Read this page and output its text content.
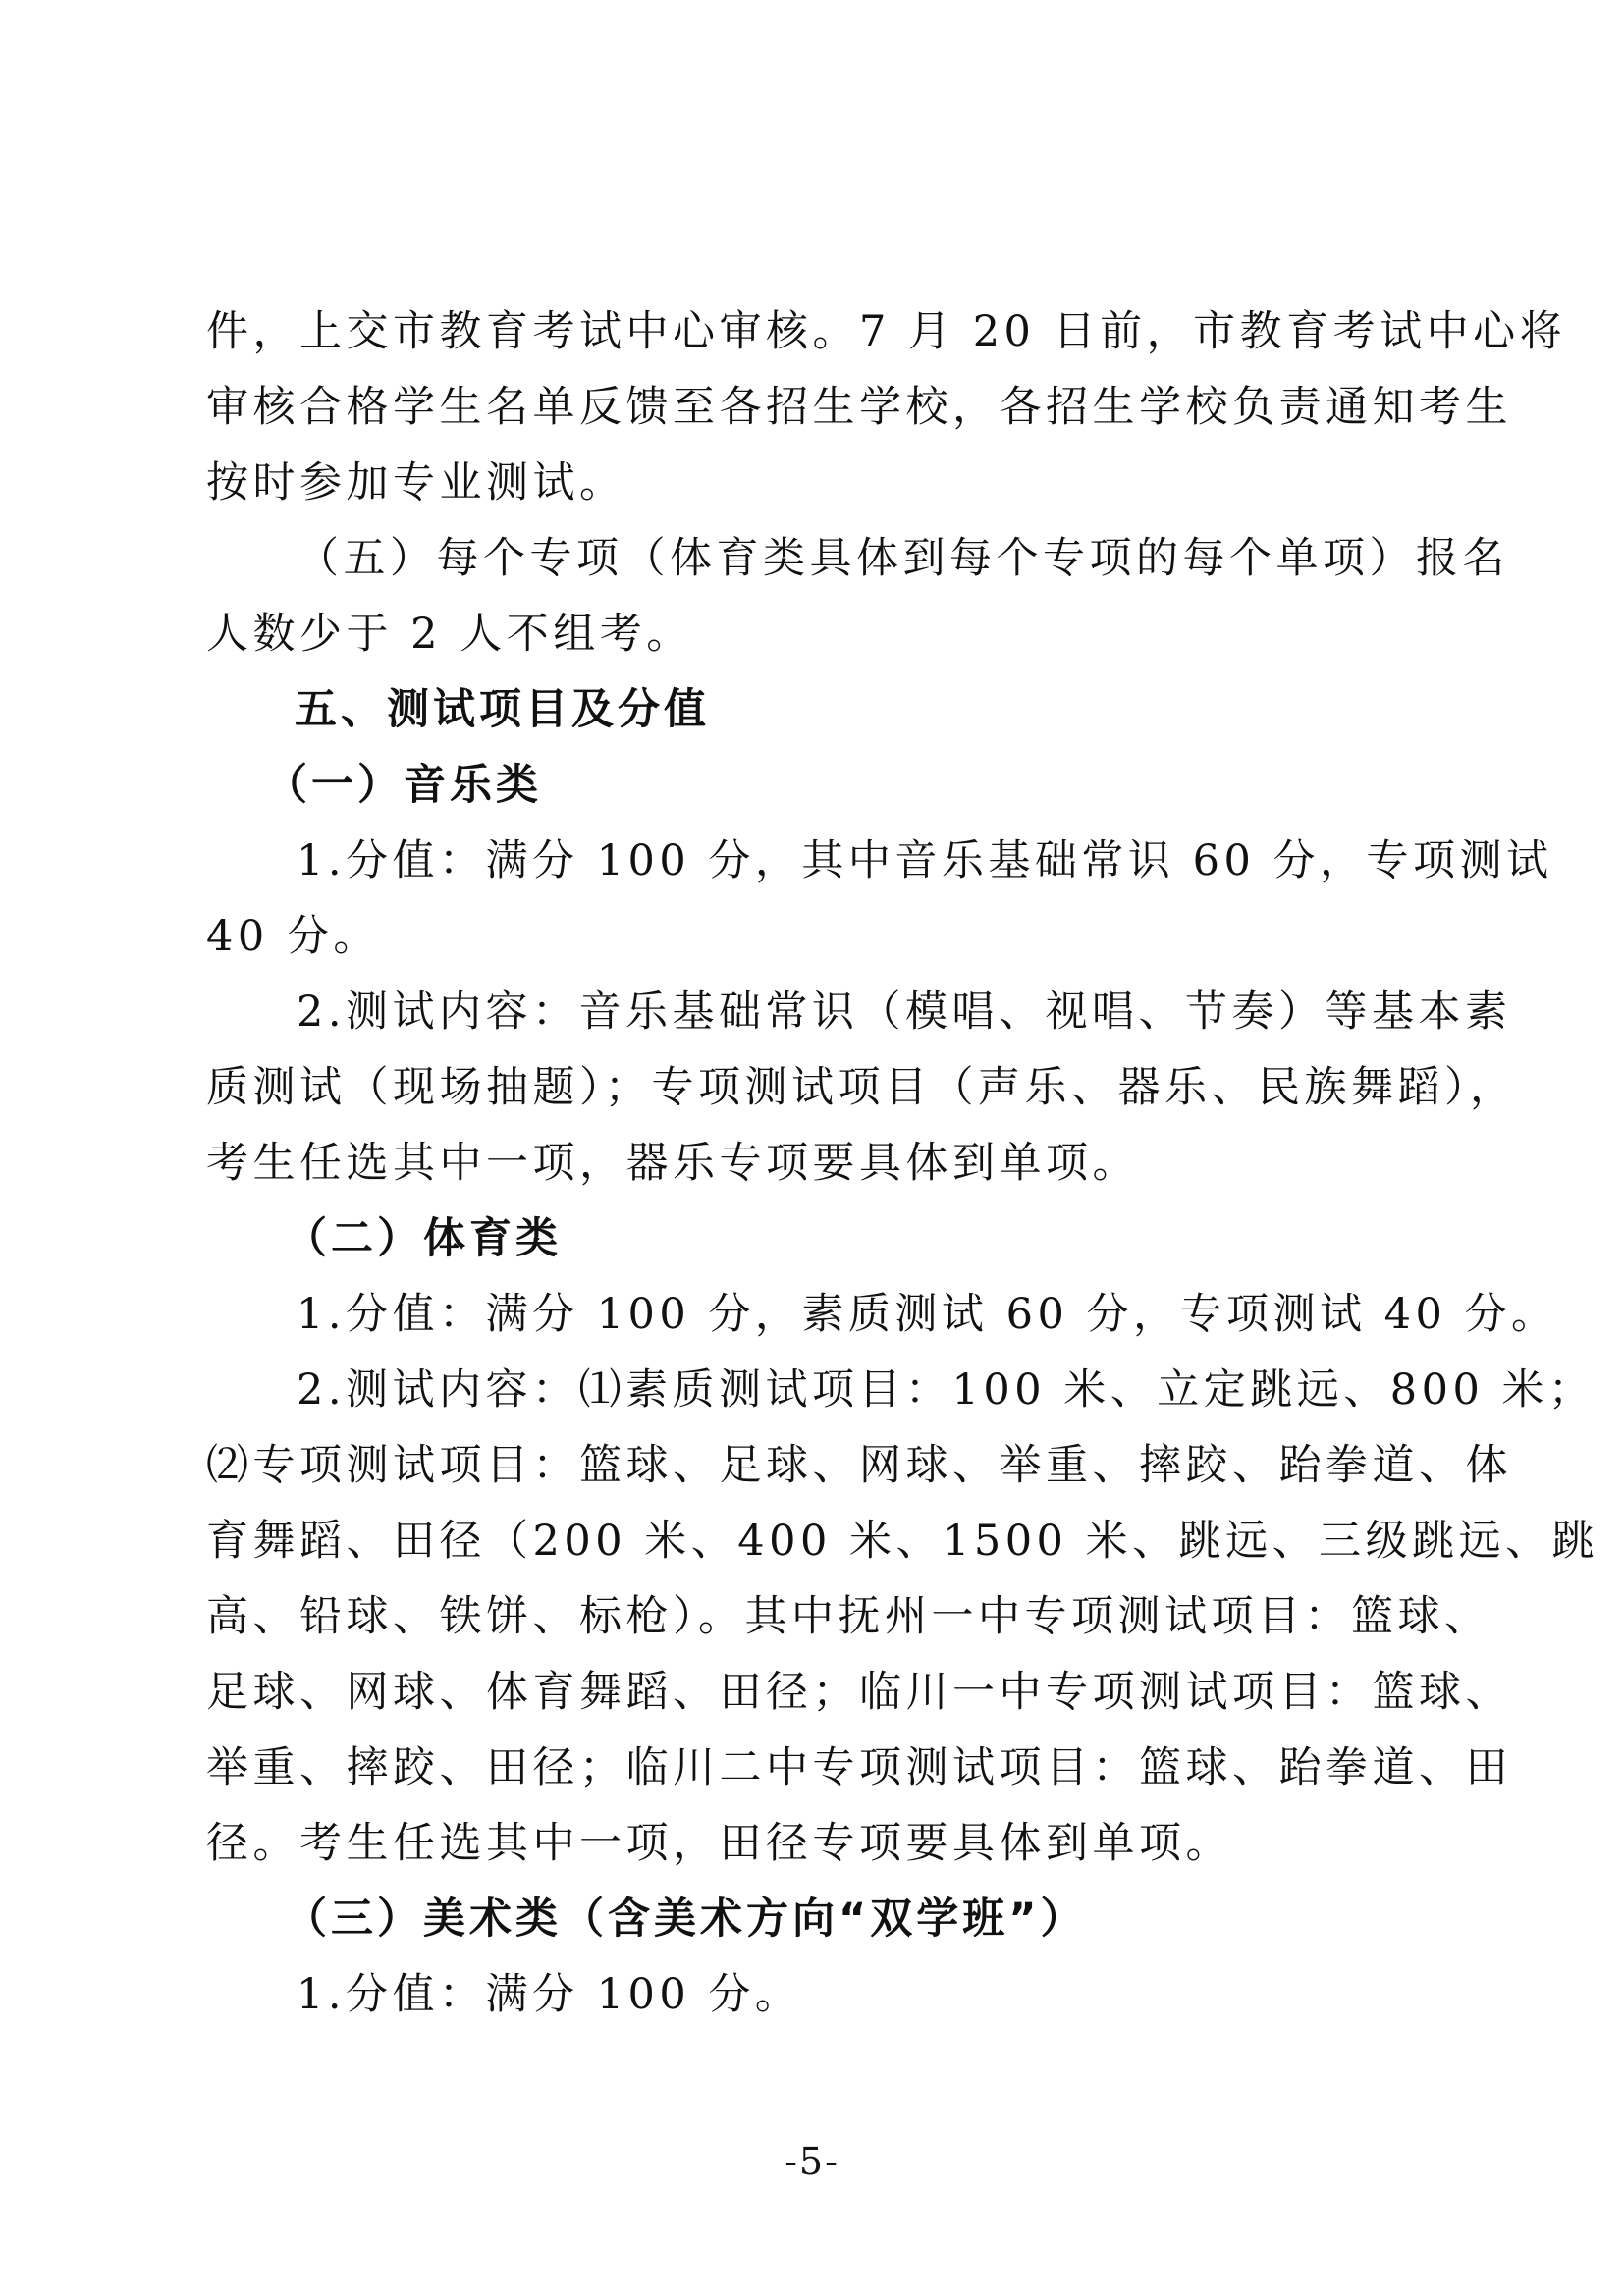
件，上交市教育考试中心审核。7 月 20 日前，市教育考试中心将
审核合格学生名单反馈至各招生学校，各招生学校负责通知考生
按时参加专业测试。
（五）每个专项（体育类具体到每个专项的每个单项）报名
人数少于 2 人不组考。
五、测试项目及分值
（一）音乐类
1.分值：满分 100 分，其中音乐基础常识 60 分，专项测试
40 分。
2.测试内容：音乐基础常识（模唱、视唱、节奏）等基本素
质测试（现场抽题）；专项测试项目（声乐、器乐、民族舞蹈），
考生任选其中一项，器乐专项要具体到单项。
（二）体育类
1.分值：满分 100 分，素质测试 60 分，专项测试 40 分。
2.测试内容：⑴素质测试项目：100 米、立定跳远、800 米；
⑵专项测试项目：篮球、足球、网球、举重、摔跤、跆拳道、体
育舞蹈、田径（200 米、400 米、1500 米、跳远、三级跳远、跳
高、铅球、铁饼、标枪）。其中抚州一中专项测试项目：篮球、
足球、网球、体育舞蹈、田径；临川一中专项测试项目：篮球、
举重、摔跤、田径；临川二中专项测试项目：篮球、跆拳道、田
径。考生任选其中一项，田径专项要具体到单项。
（三）美术类（含美术方向“双学班”）
1.分值：满分 100 分。
-5-
